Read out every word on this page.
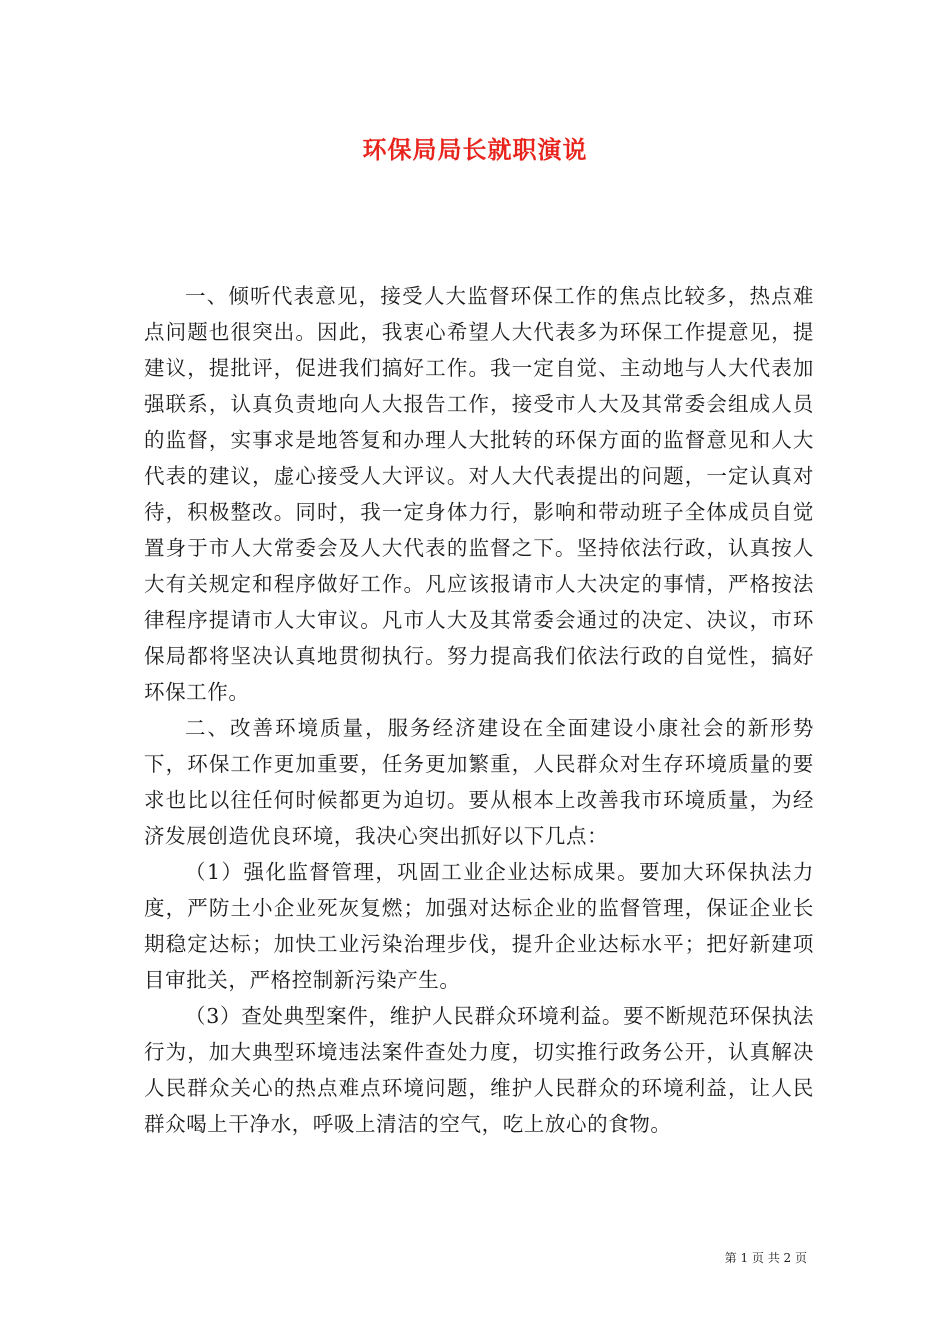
环保局局长就职演说

一、倾听代表意见，接受人大监督环保工作的焦点比较多，热点难点问题也很突出。因此，我衷心希望人大代表多为环保工作提意见，提建议，提批评，促进我们搞好工作。我一定自觉、主动地与人大代表加强联系，认真负责地向人大报告工作，接受市人大及其常委会组成人员的监督，实事求是地答复和办理人大批转的环保方面的监督意见和人大代表的建议，虚心接受人大评议。对人大代表提出的问题，一定认真对待，积极整改。同时，我一定身体力行，影响和带动班子全体成员自觉置身于市人大常委会及人大代表的监督之下。坚持依法行政，认真按人大有关规定和程序做好工作。凡应该报请市人大决定的事情，严格按法律程序提请市人大审议。凡市人大及其常委会通过的决定、决议，市环保局都将坚决认真地贯彻执行。努力提高我们依法行政的自觉性，搞好环保工作。

二、改善环境质量，服务经济建设在全面建设小康社会的新形势下，环保工作更加重要，任务更加繁重，人民群众对生存环境质量的要求也比以往任何时候都更为迫切。要从根本上改善我市环境质量，为经济发展创造优良环境，我决心突出抓好以下几点：

（1）强化监督管理，巩固工业企业达标成果。要加大环保执法力度，严防土小企业死灰复燃；加强对达标企业的监督管理，保证企业长期稳定达标；加快工业污染治理步伐，提升企业达标水平；把好新建项目审批关，严格控制新污染产生。

（3）查处典型案件，维护人民群众环境利益。要不断规范环保执法行为，加大典型环境违法案件查处力度，切实推行政务公开，认真解决人民群众关心的热点难点环境问题，维护人民群众的环境利益，让人民群众喝上干净水，呼吸上清洁的空气，吃上放心的食物。

第 1 页 共 2 页
